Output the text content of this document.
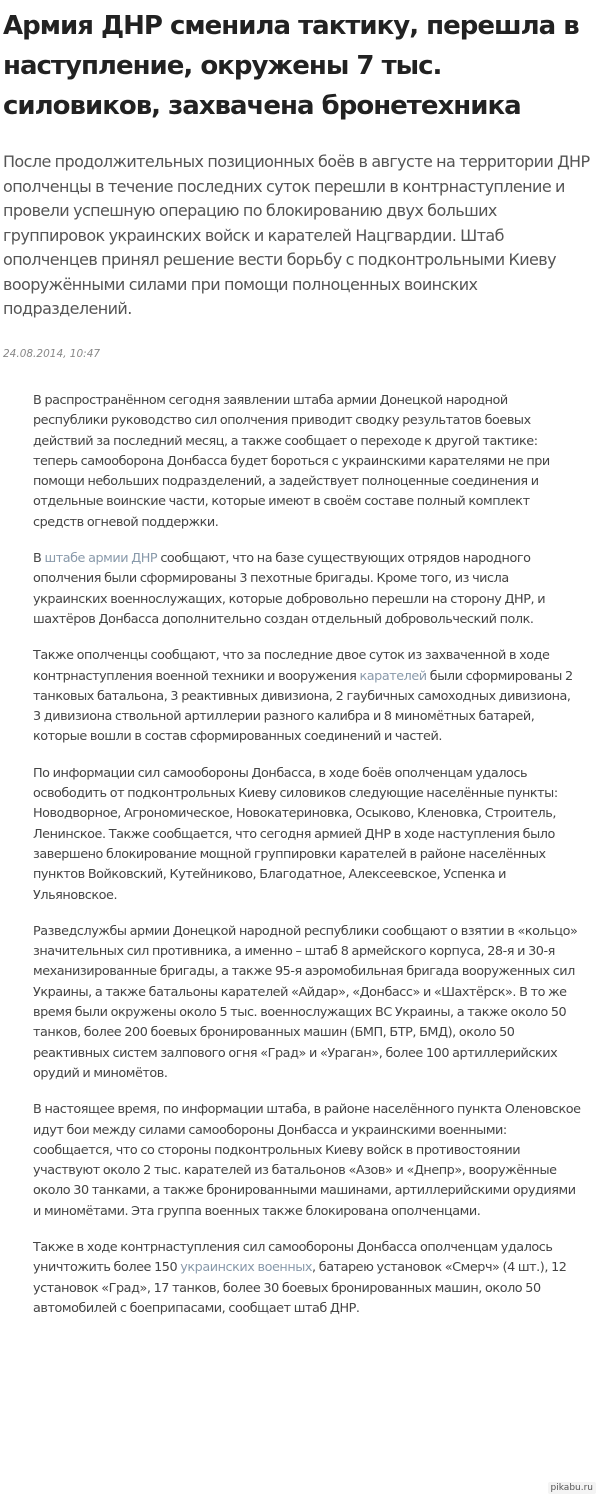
Армия ДНР сменила тактику, перешла в наступление, окружены 7 тыс. силовиков, захвачена бронетехника

После продолжительных позиционных боёв в августе на территории ДНР ополченцы в течение последних суток перешли в контрнаступление и провели успешную операцию по блокированию двух больших группировок украинских войск и карателей Нацгвардии. Штаб ополченцев принял решение вести борьбу с подконтрольными Киеву вооружёнными силами при помощи полноценных воинских подразделений.

24.08.2014, 10:47

В распространённом сегодня заявлении штаба армии Донецкой народной республики руководство сил ополчения приводит сводку результатов боевых действий за последний месяц, а также сообщает о переходе к другой тактике: теперь самооборона Донбасса будет бороться с украинскими карателями не при помощи небольших подразделений, а задействует полноценные соединения и отдельные воинские части, которые имеют в своём составе полный комплект средств огневой поддержки.

В штабе армии ДНР сообщают, что на базе существующих отрядов народного ополчения были сформированы 3 пехотные бригады. Кроме того, из числа украинских военнослужащих, которые добровольно перешли на сторону ДНР, и шахтёров Донбасса дополнительно создан отдельный добровольческий полк.

Также ополченцы сообщают, что за последние двое суток из захваченной в ходе контрнаступления военной техники и вооружения карателей были сформированы 2 танковых батальона, 3 реактивных дивизиона, 2 гаубичных самоходных дивизиона, 3 дивизиона ствольной артиллерии разного калибра и 8 миномётных батарей, которые вошли в состав сформированных соединений и частей.

По информации сил самообороны Донбасса, в ходе боёв ополченцам удалось освободить от подконтрольных Киеву силовиков следующие населённые пункты: Новодворное, Агрономическое, Новокатериновка, Осыково, Кленовка, Строитель, Ленинское. Также сообщается, что сегодня армией ДНР в ходе наступления было завершено блокирование мощной группировки карателей в районе населённых пунктов Войковский, Кутейниково, Благодатное, Алексеевское, Успенка и Ульяновское.

Разведслужбы армии Донецкой народной республики сообщают о взятии в «кольцо» значительных сил противника, а именно – штаб 8 армейского корпуса, 28-я и 30-я механизированные бригады, а также 95-я аэромобильная бригада вооруженных сил Украины, а также батальоны карателей «Айдар», «Донбасс» и «Шахтёрск». В то же время были окружены около 5 тыс. военнослужащих ВС Украины, а также около 50 танков, более 200 боевых бронированных машин (БМП, БТР, БМД), около 50 реактивных систем залпового огня «Град» и «Ураган», более 100 артиллерийских орудий и миномётов.

В настоящее время, по информации штаба, в районе населённого пункта Оленовское идут бои между силами самообороны Донбасса и украинскими военными: сообщается, что со стороны подконтрольных Киеву войск в противостоянии участвуют около 2 тыс. карателей из батальонов «Азов» и «Днепр», вооружённые около 30 танками, а также бронированными машинами, артиллерийскими орудиями и миномётами. Эта группа военных также блокирована ополченцами.

Также в ходе контрнаступления сил самообороны Донбасса ополченцам удалось уничтожить более 150 украинских военных, батарею установок «Смерч» (4 шт.), 12 установок «Град», 17 танков, более 30 боевых бронированных машин, около 50 автомобилей с боеприпасами, сообщает штаб ДНР.

pikabu.ru
